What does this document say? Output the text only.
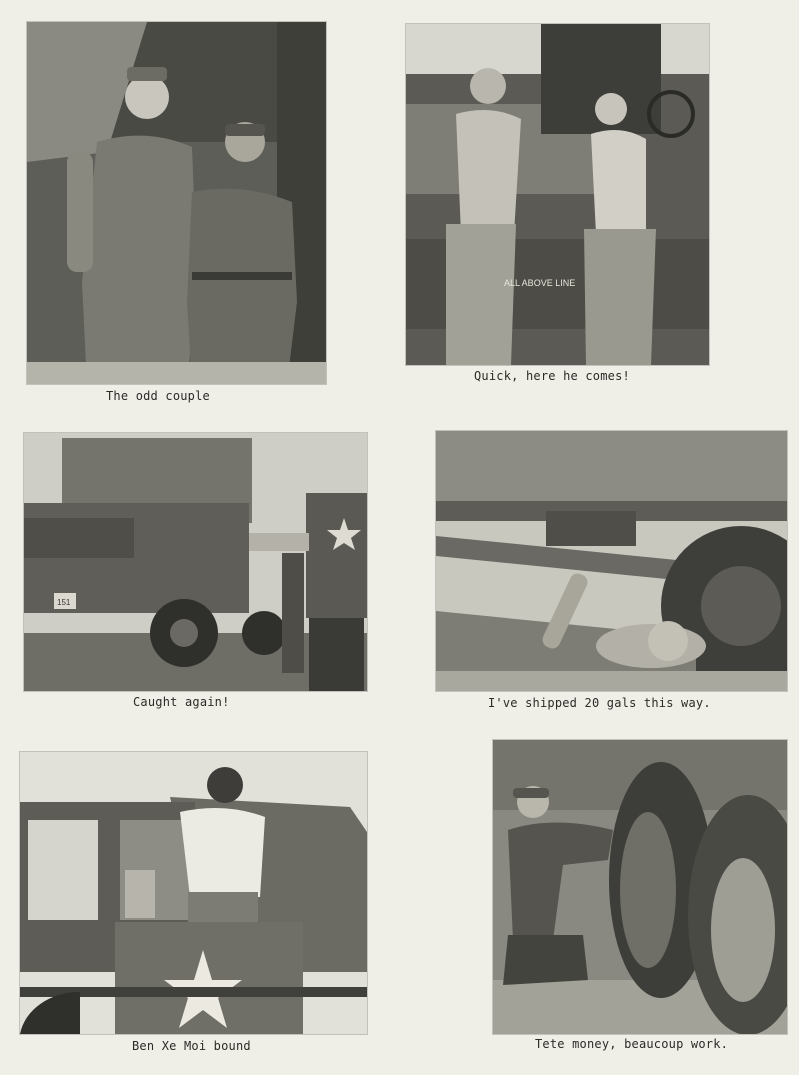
The odd couple
ALL ABOVE LINE
Quick, here he comes!
151
Caught again!	I've shipped 20 gals this way.
Ben Xe Moi bound	Tete money, beaucoup work.
